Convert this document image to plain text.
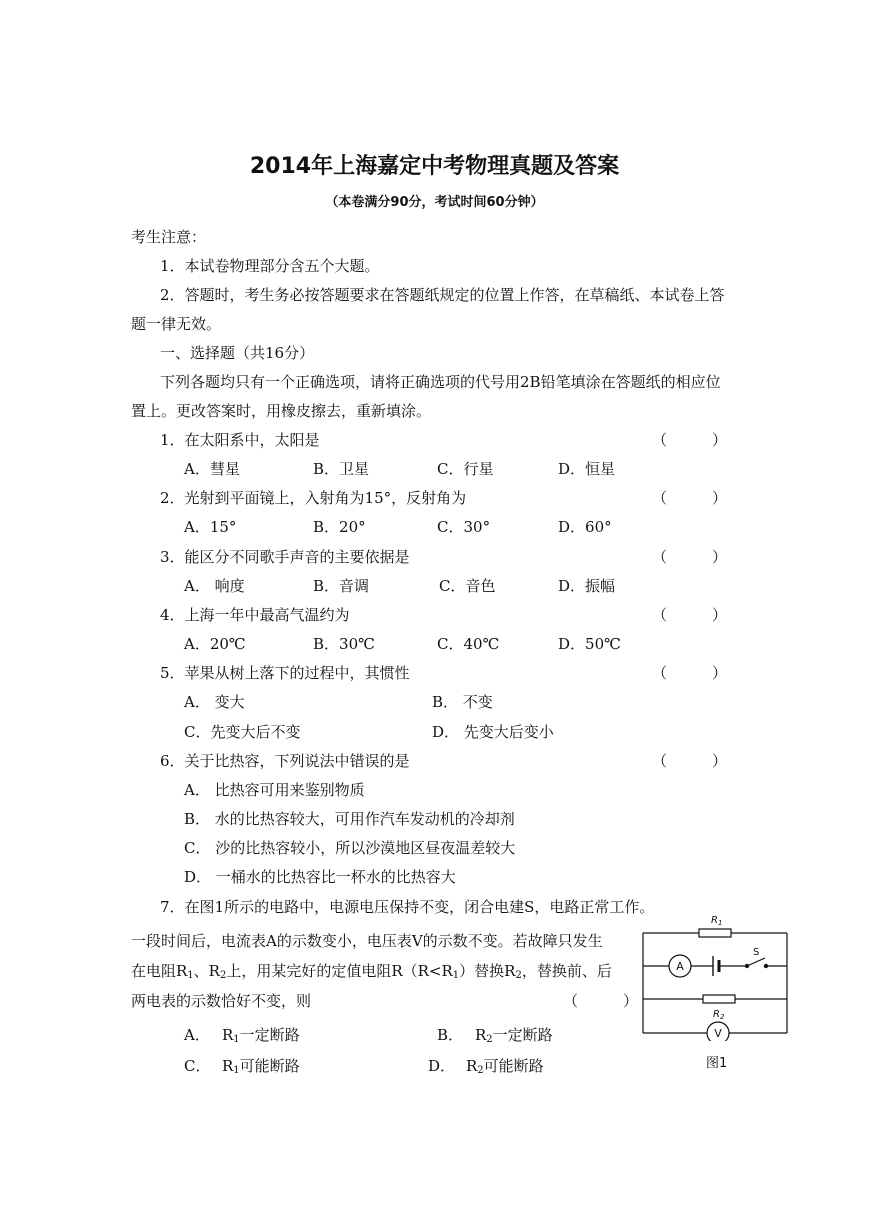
2014年上海嘉定中考物理真题及答案
（本卷满分90分，考试时间60分钟）
考生注意：
1．本试卷物理部分含五个大题。
2．答题时，考生务必按答题要求在答题纸规定的位置上作答，在草稿纸、本试卷上答
题一律无效。
一、选择题（共16分）
下列各题均只有一个正确选项，请将正确选项的代号用2B铅笔填涂在答题纸的相应位
置上。更改答案时，用橡皮擦去，重新填涂。
1．在太阳系中，太阳是	（　　　）
A．彗星	B．卫星	C．行星	D．恒星
2．光射到平面镜上，入射角为15°，反射角为	（　　　）
A．15°	B．20°	C．30°	D．60°
3．能区分不同歌手声音的主要依据是	（　　　）
A． 响度	B．音调	C．音色	D．振幅
4．上海一年中最高气温约为	（　　　）
A．20℃	B．30℃	C．40℃	D．50℃
5．苹果从树上落下的过程中，其惯性	（　　　）
A． 变大	B． 不变
C．先变大后不变	D． 先变大后变小
6．关于比热容，下列说法中错误的是	（　　　）
A． 比热容可用来鉴别物质
B． 水的比热容较大，可用作汽车发动机的冷却剂
C． 沙的比热容较小，所以沙漠地区昼夜温差较大
D． 一桶水的比热容比一杯水的比热容大
7．在图1所示的电路中，电源电压保持不变，闭合电建S，电路正常工作。
一段时间后，电流表A的示数变小，电压表V的示数不变。若故障只发生
在电阻$R_1$、$R_2$上，用某完好的定值电阻$R(R<R_1)$替换$R_2$，替换前、后
两电表的示数恰好不变，则	（　　　）
A． $R_1$一定断路	B． $R_2$一定断路
C． $R_1$可能断路	D． $R_2$可能断路
$R_1$
A
S
$R_2$
V
图1
